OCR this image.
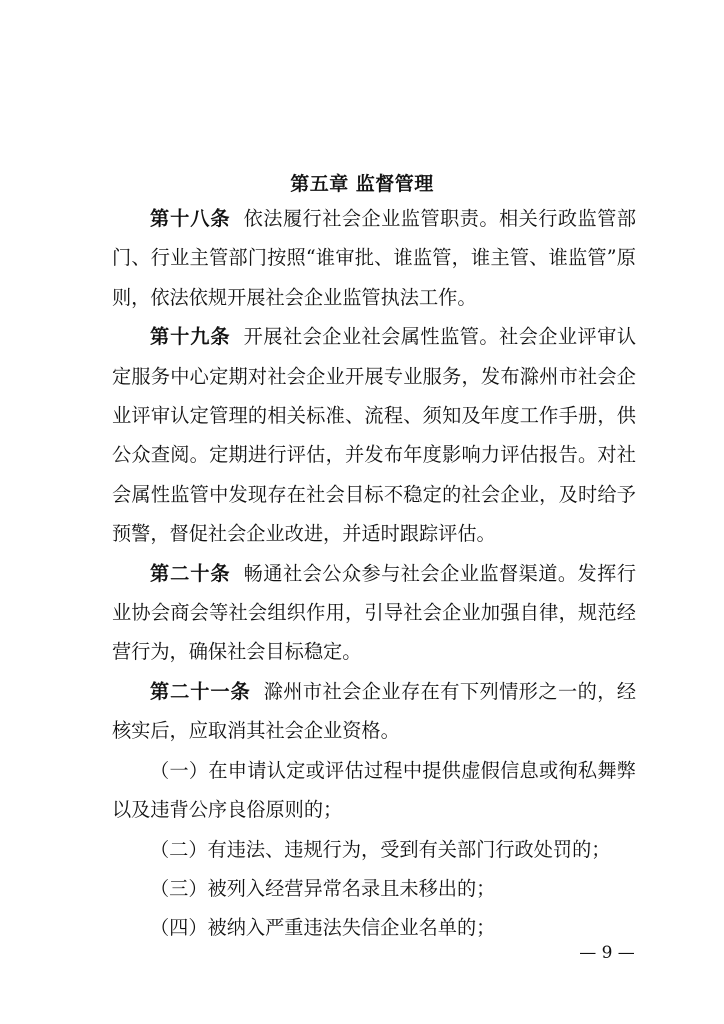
第五章 监督管理

第十八条 依法履行社会企业监管职责。相关行政监管部门、行业主管部门按照“谁审批、谁监管，谁主管、谁监管”原则，依法依规开展社会企业监管执法工作。

第十九条 开展社会企业社会属性监管。社会企业评审认定服务中心定期对社会企业开展专业服务，发布滁州市社会企业评审认定管理的相关标准、流程、须知及年度工作手册，供公众查阅。定期进行评估，并发布年度影响力评估报告。对社会属性监管中发现存在社会目标不稳定的社会企业，及时给予预警，督促社会企业改进，并适时跟踪评估。

第二十条 畅通社会公众参与社会企业监督渠道。发挥行业协会商会等社会组织作用，引导社会企业加强自律，规范经营行为，确保社会目标稳定。

第二十一条 滁州市社会企业存在有下列情形之一的，经核实后，应取消其社会企业资格。

（一）在申请认定或评估过程中提供虚假信息或徇私舞弊以及违背公序良俗原则的；

（二）有违法、违规行为，受到有关部门行政处罚的；

（三）被列入经营异常名录且未移出的；

（四）被纳入严重违法失信企业名单的；

— 9 —
